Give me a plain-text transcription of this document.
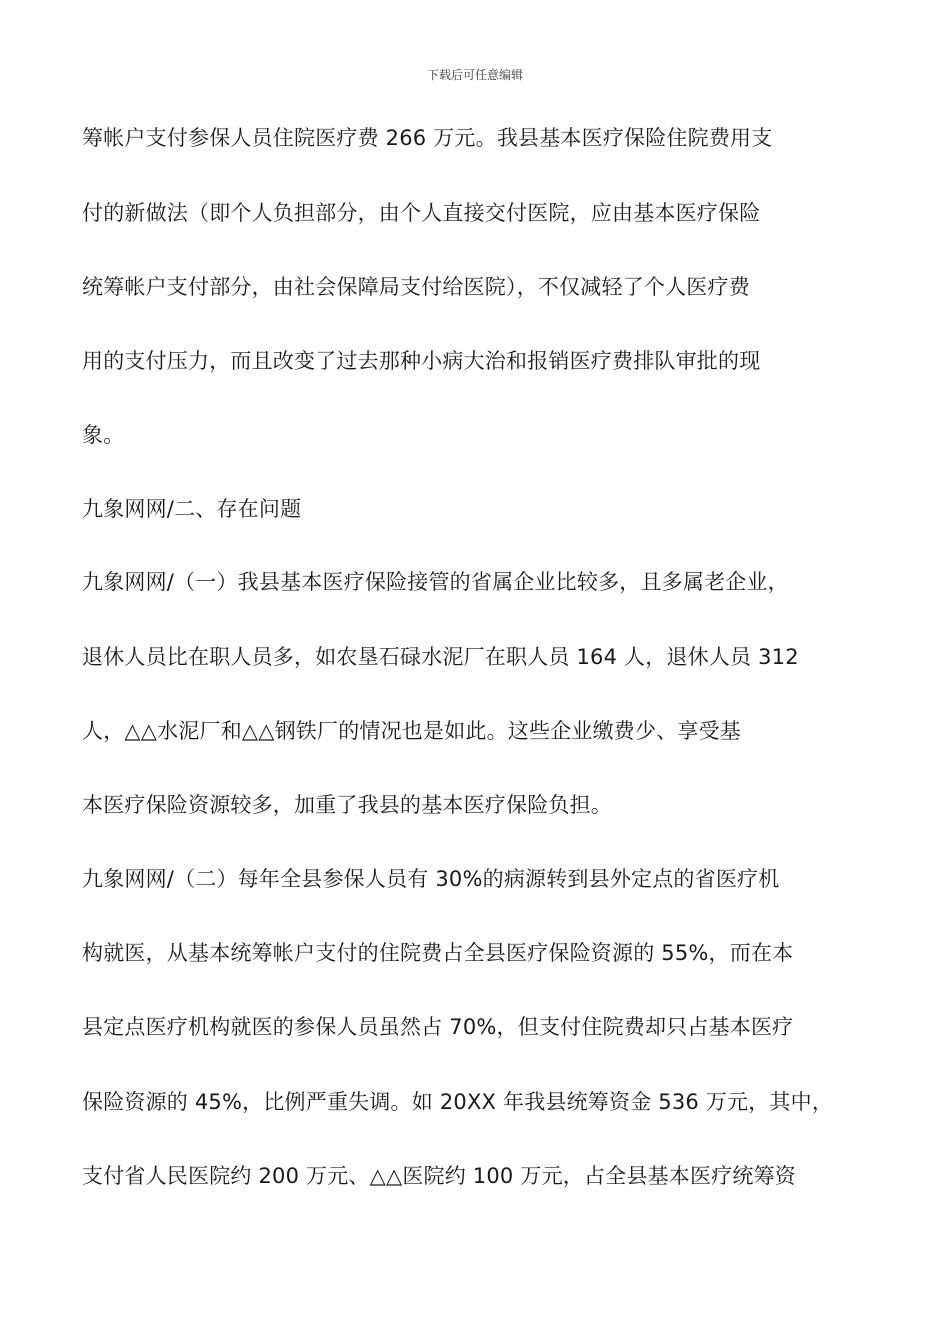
下载后可任意编辑
筹帐户支付参保人员住院医疗费 266 万元。我县基本医疗保险住院费用支
付的新做法（即个人负担部分，由个人直接交付医院，应由基本医疗保险
统筹帐户支付部分，由社会保障局支付给医院），不仅减轻了个人医疗费
用的支付压力，而且改变了过去那种小病大治和报销医疗费排队审批的现
象。
九象网网/二、存在问题
九象网网/（一）我县基本医疗保险接管的省属企业比较多，且多属老企业，
退休人员比在职人员多，如农垦石碌水泥厂在职人员 164 人，退休人员 312
人，△△水泥厂和△△钢铁厂的情况也是如此。这些企业缴费少、享受基
本医疗保险资源较多，加重了我县的基本医疗保险负担。
九象网网/（二）每年全县参保人员有 30%的病源转到县外定点的省医疗机
构就医，从基本统筹帐户支付的住院费占全县医疗保险资源的 55%，而在本
县定点医疗机构就医的参保人员虽然占 70%，但支付住院费却只占基本医疗
保险资源的 45%，比例严重失调。如 20XX 年我县统筹资金 536 万元，其中，
支付省人民医院约 200 万元、△△医院约 100 万元，占全县基本医疗统筹资
